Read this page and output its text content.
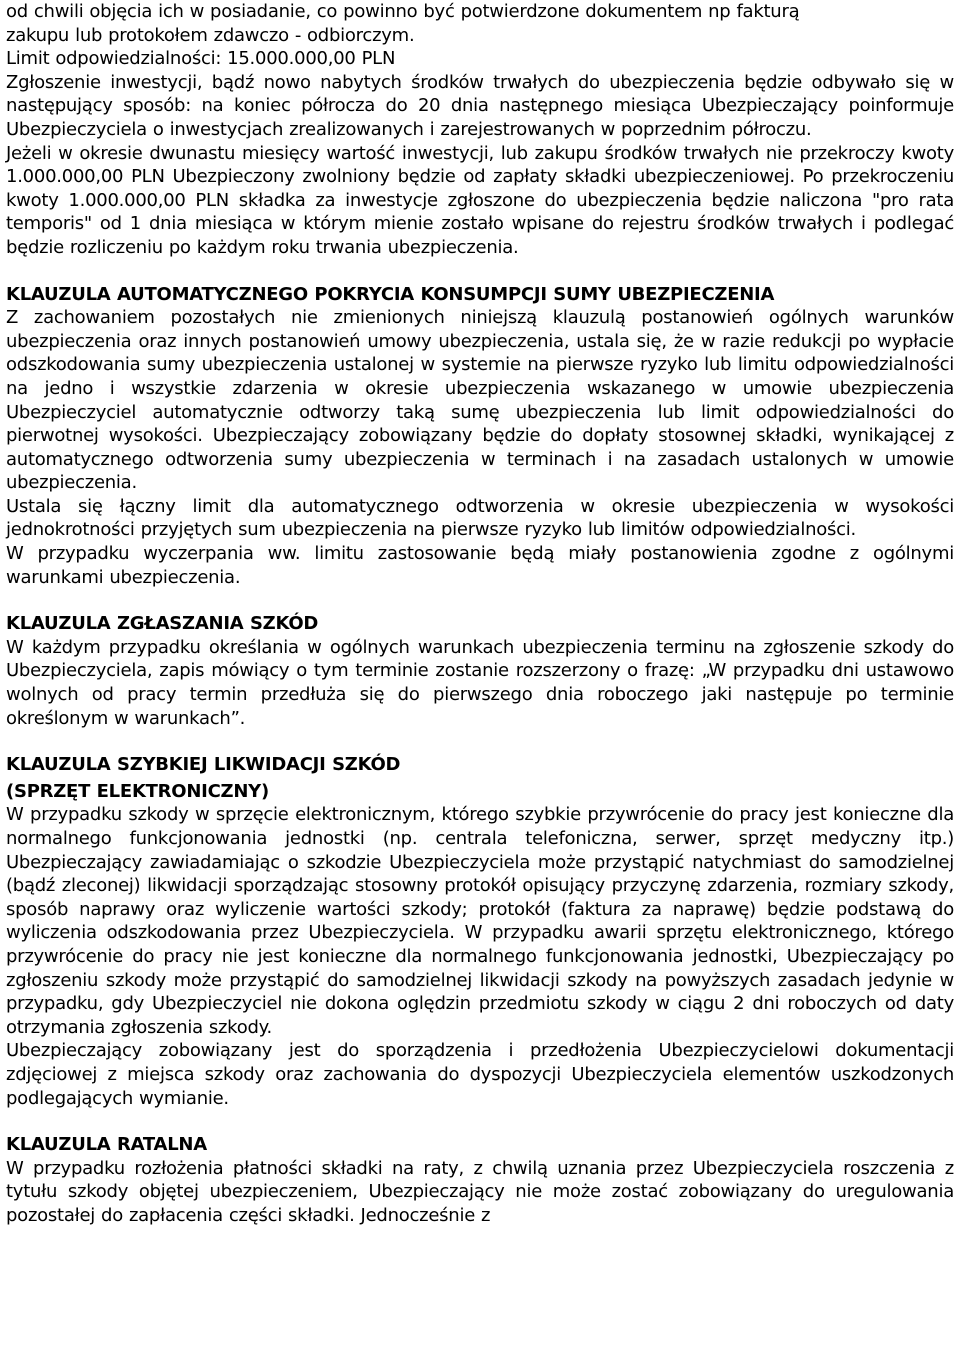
od chwili objęcia ich w posiadanie, co powinno być potwierdzone dokumentem np fakturą
zakupu lub protokołem zdawczo - odbiorczym.

Limit odpowiedzialności: 15.000.000,00 PLN

Zgłoszenie inwestycji, bądź nowo nabytych środków trwałych do ubezpieczenia będzie odbywało się w następujący sposób: na koniec półrocza do 20 dnia następnego miesiąca Ubezpieczający poinformuje Ubezpieczyciela o inwestycjach zrealizowanych i zarejestrowanych w poprzednim półroczu.

Jeżeli w okresie dwunastu miesięcy wartość inwestycji, lub zakupu środków trwałych nie przekroczy kwoty 1.000.000,00 PLN Ubezpieczony zwolniony będzie od zapłaty składki ubezpieczeniowej. Po przekroczeniu kwoty 1.000.000,00 PLN składka za inwestycje zgłoszone do ubezpieczenia będzie naliczona "pro rata temporis" od 1 dnia miesiąca w którym mienie zostało wpisane do rejestru środków trwałych i podlegać będzie rozliczeniu po każdym roku trwania ubezpieczenia.

KLAUZULA AUTOMATYCZNEGO POKRYCIA KONSUMPCJI SUMY UBEZPIECZENIA

Z zachowaniem pozostałych nie zmienionych niniejszą klauzulą postanowień ogólnych warunków ubezpieczenia oraz innych postanowień umowy ubezpieczenia, ustala się, że w razie redukcji po wypłacie odszkodowania sumy ubezpieczenia ustalonej w systemie na pierwsze ryzyko lub limitu odpowiedzialności na jedno i wszystkie zdarzenia w okresie ubezpieczenia wskazanego w umowie ubezpieczenia Ubezpieczyciel automatycznie odtworzy taką sumę ubezpieczenia lub limit odpowiedzialności do pierwotnej wysokości. Ubezpieczający zobowiązany będzie do dopłaty stosownej składki, wynikającej z automatycznego odtworzenia sumy ubezpieczenia w terminach i na zasadach ustalonych w umowie ubezpieczenia.

Ustala się łączny limit dla automatycznego odtworzenia w okresie ubezpieczenia w wysokości jednokrotności przyjętych sum ubezpieczenia na pierwsze ryzyko lub limitów odpowiedzialności.

W przypadku wyczerpania ww. limitu zastosowanie będą miały postanowienia zgodne z ogólnymi warunkami ubezpieczenia.

KLAUZULA ZGŁASZANIA SZKÓD

W każdym przypadku określania w ogólnych warunkach ubezpieczenia terminu na zgłoszenie szkody do Ubezpieczyciela, zapis mówiący o tym terminie zostanie rozszerzony o frazę: „W przypadku dni ustawowo wolnych od pracy termin przedłuża się do pierwszego dnia roboczego jaki następuje po terminie określonym w warunkach”.

KLAUZULA SZYBKIEJ LIKWIDACJI SZKÓD

(SPRZĘT ELEKTRONICZNY)

W przypadku szkody w sprzęcie elektronicznym, którego szybkie przywrócenie do pracy jest konieczne dla normalnego funkcjonowania jednostki (np. centrala telefoniczna, serwer, sprzęt medyczny itp.) Ubezpieczający zawiadamiając o szkodzie Ubezpieczyciela może przystąpić natychmiast do samodzielnej (bądź zleconej) likwidacji sporządzając stosowny protokół opisujący przyczynę zdarzenia, rozmiary szkody, sposób naprawy oraz wyliczenie wartości szkody; protokół (faktura za naprawę) będzie podstawą do wyliczenia odszkodowania przez Ubezpieczyciela. W przypadku awarii sprzętu elektronicznego, którego przywrócenie do pracy nie jest konieczne dla normalnego funkcjonowania jednostki, Ubezpieczający po zgłoszeniu szkody może przystąpić do samodzielnej likwidacji szkody na powyższych zasadach jedynie w przypadku, gdy Ubezpieczyciel nie dokona oględzin przedmiotu szkody w ciągu 2 dni roboczych od daty otrzymania zgłoszenia szkody.

Ubezpieczający zobowiązany jest do sporządzenia i przedłożenia Ubezpieczycielowi dokumentacji zdjęciowej z miejsca szkody oraz zachowania do dyspozycji Ubezpieczyciela elementów uszkodzonych podlegających wymianie.

KLAUZULA RATALNA

W przypadku rozłożenia płatności składki na raty, z chwilą uznania przez Ubezpieczyciela roszczenia z tytułu szkody objętej ubezpieczeniem, Ubezpieczający nie może zostać zobowiązany do uregulowania pozostałej do zapłacenia części składki. Jednocześnie z
